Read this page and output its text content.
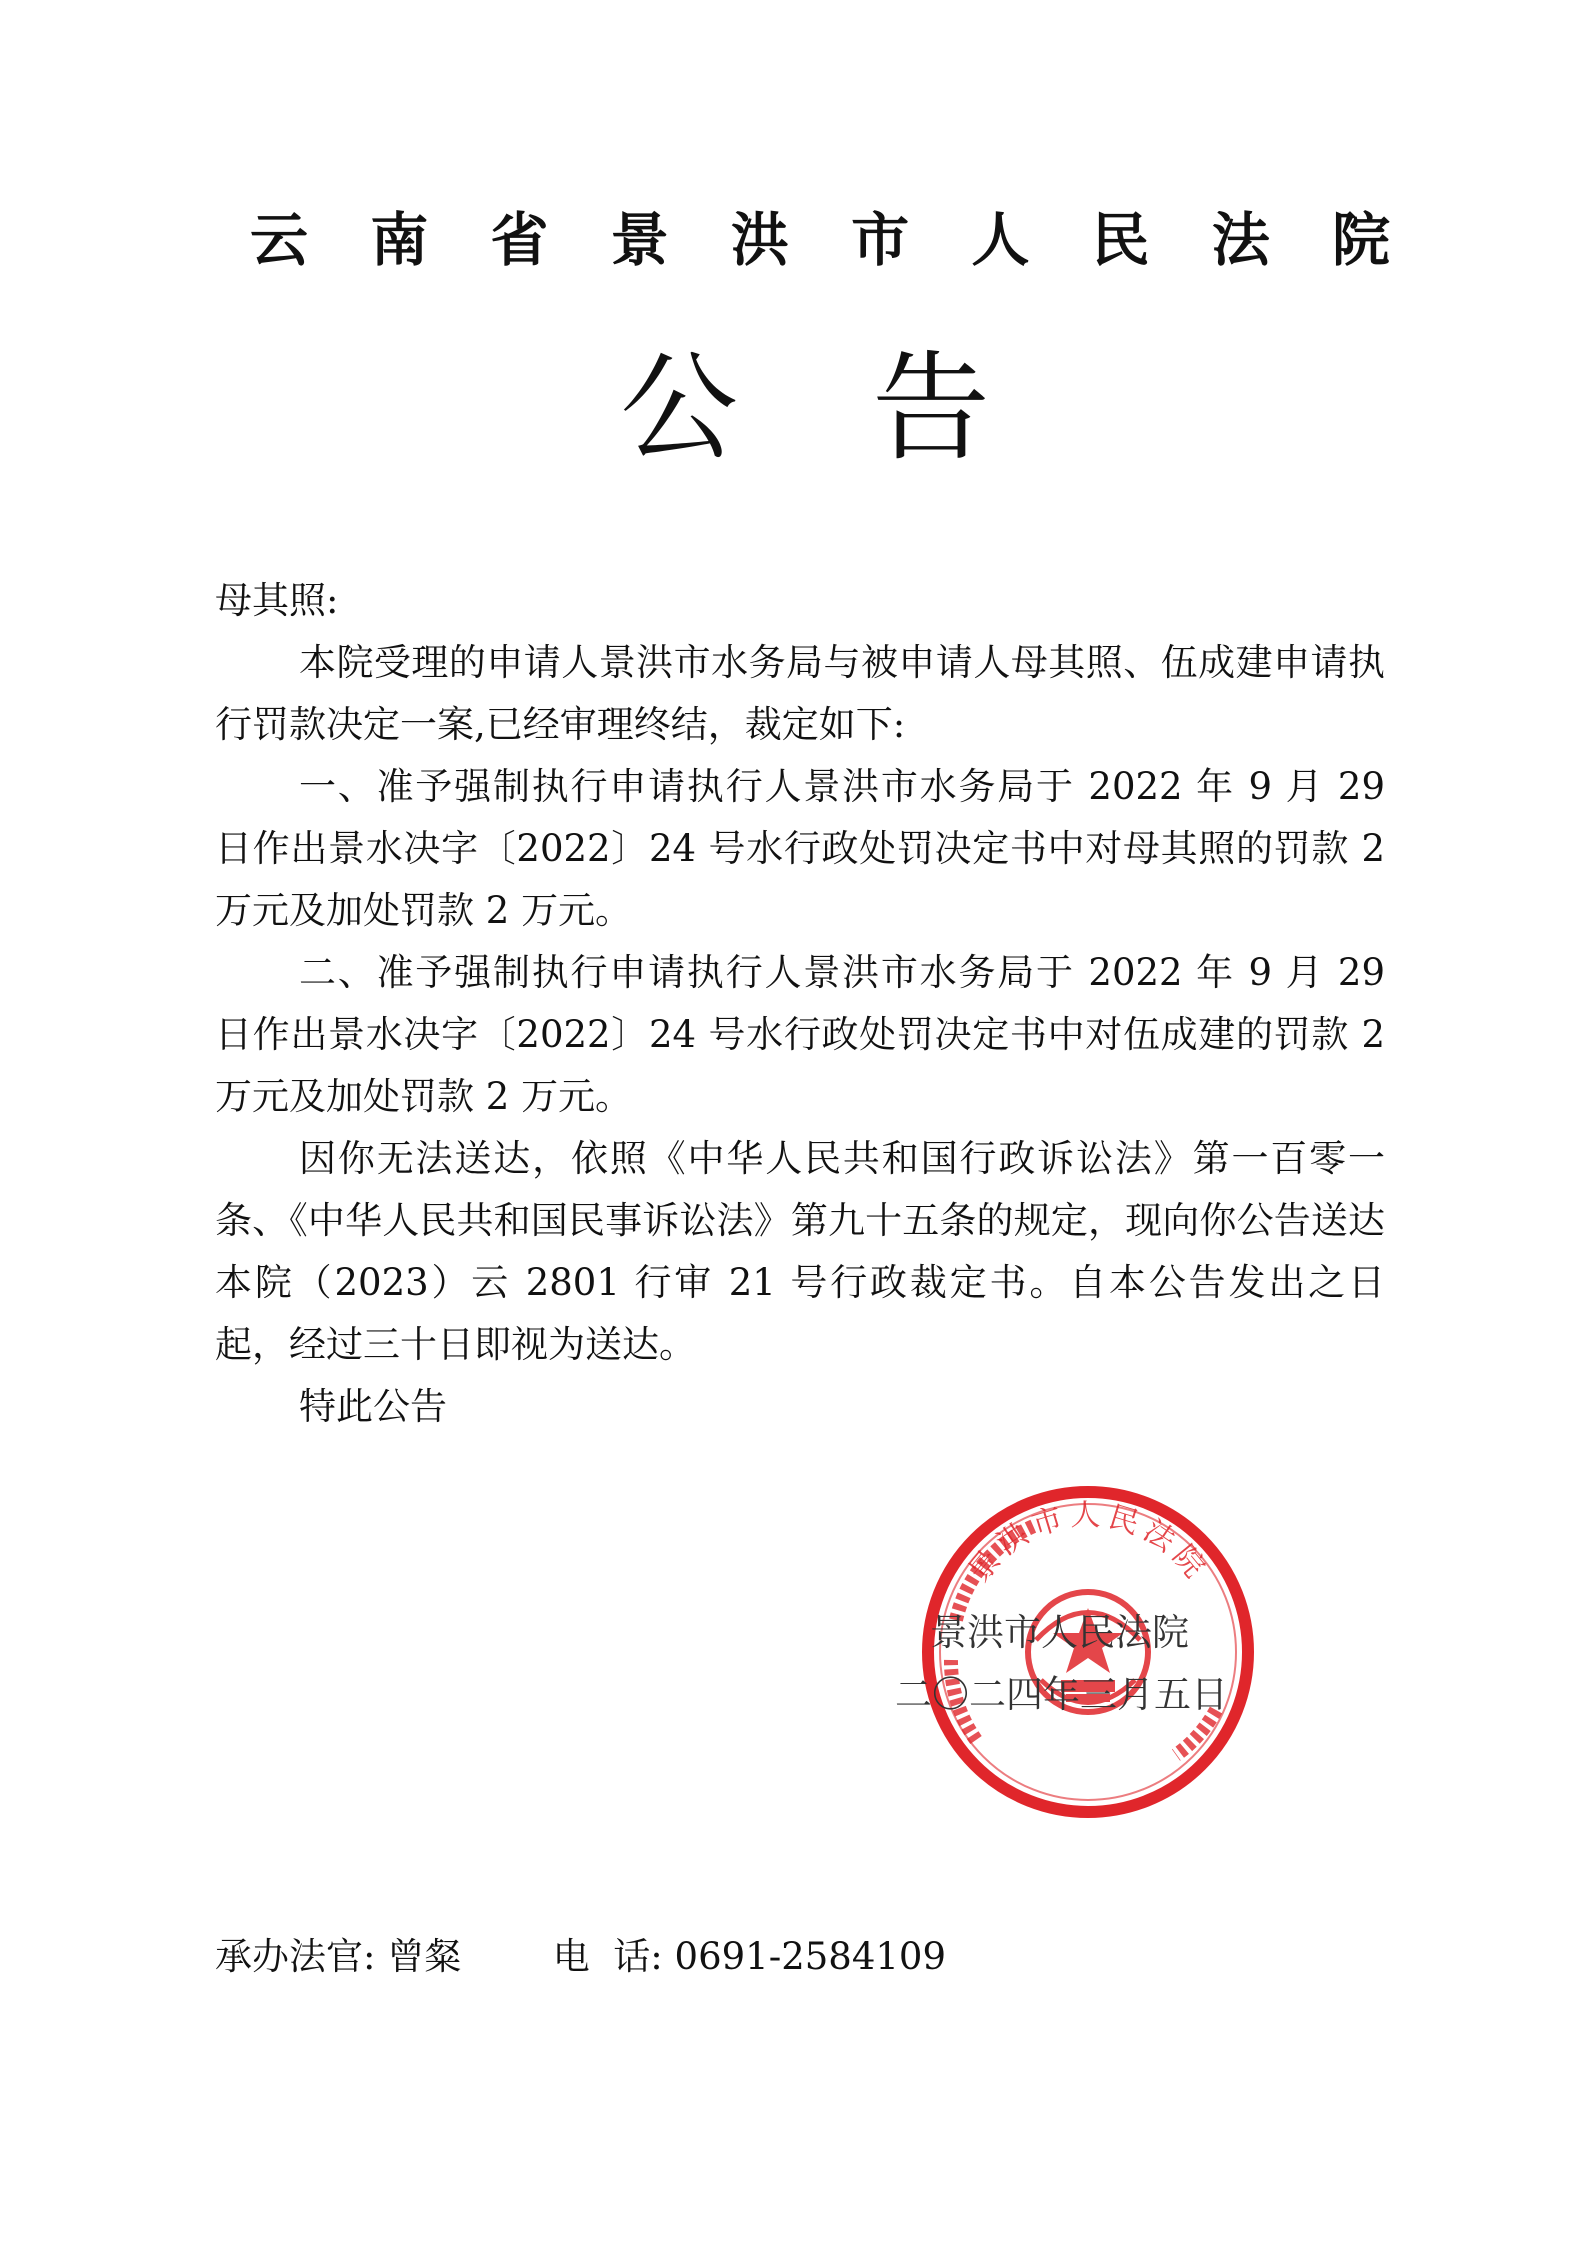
云 南 省 景 洪 市 人 民 法 院
公 告

母其照:

本院受理的申请人景洪市水务局与被申请人母其照、伍成建申请执行罚款决定一案,已经审理终结，裁定如下:

一、准予强制执行申请执行人景洪市水务局于 2022 年 9 月 29 日作出景水决字〔2022〕24 号水行政处罚决定书中对母其照的罚款 2 万元及加处罚款 2 万元。

二、准予强制执行申请执行人景洪市水务局于 2022 年 9 月 29 日作出景水决字〔2022〕24 号水行政处罚决定书中对伍成建的罚款 2 万元及加处罚款 2 万元。

因你无法送达，依照《中华人民共和国行政诉讼法》第一百零一条、《中华人民共和国民事诉讼法》第九十五条的规定，现向你公告送达本院（2023）云 2801 行审 21 号行政裁定书。自本公告发出之日起，经过三十日即视为送达。

特此公告

景洪市人民法院
景洪市人民法院
二〇二四年三月五日
承办法官: 曾粲 电  话: 0691-2584109
